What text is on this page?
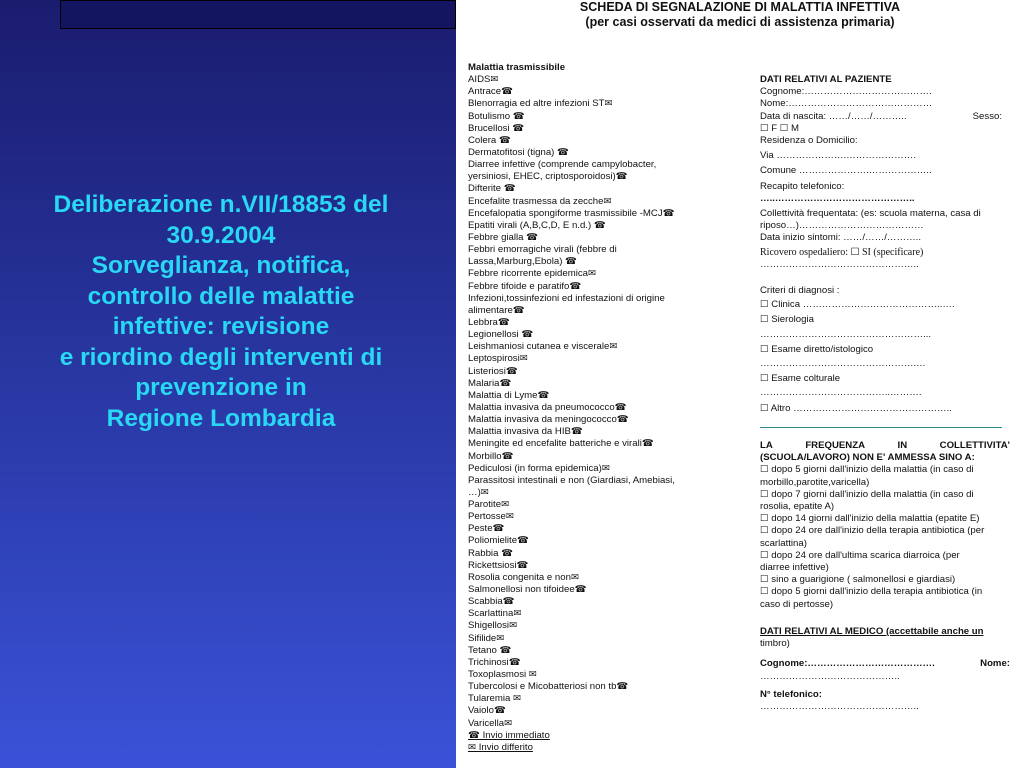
Deliberazione n.VII/18853 del
30.9.2004
Sorveglianza, notifica,
controllo delle malattie
infettive: revisione
e riordino degli interventi di
prevenzione in
Regione Lombardia
SCHEDA DI SEGNALAZIONE DI MALATTIA INFETTIVA
(per casi osservati da medici di assistenza primaria)
Malattia trasmissibile
AIDS✉
Antrace☎
Blenorragia ed altre infezioni ST✉
Botulismo ☎
Brucellosi ☎
Colera ☎
Dermatofitosi (tigna) ☎
Diarree infettive (comprende campylobacter,
yersiniosi, EHEC, criptosporoidosi)☎
Difterite ☎
Encefalite trasmessa da zecche✉
Encefalopatia spongiforme trasmissibile -MCJ☎
Epatiti virali (A,B,C,D, E n.d.) ☎
Febbre gialla ☎
Febbri emorragiche virali (febbre di
Lassa,Marburg,Ebola) ☎
Febbre ricorrente epidemica✉
Febbre tifoide e paratifo☎
Infezioni,tossinfezioni ed infestazioni di origine
alimentare☎
Lebbra☎
Legionellosi ☎
Leishmaniosi cutanea e viscerale✉
Leptospirosi✉
Listeriosi☎
Malaria☎
Malattia di Lyme☎
Malattia invasiva da pneumococco☎
Malattia invasiva da meningococco☎
Malattia invasiva da HIB☎
Meningite ed encefalite batteriche e virali☎
Morbillo☎
Pediculosi (in forma epidemica)✉
Parassitosi intestinali e non (Giardiasi, Amebiasi,
…)✉
Parotite✉
Pertosse✉
Peste☎
Poliomielite☎
Rabbia ☎
Rickettsiosi☎
Rosolia congenita e non✉
Salmonellosi non tifoidee☎
Scabbia☎
Scarlattina✉
Shigellosi✉
Sifilide✉
Tetano ☎
Trichinosi☎
Toxoplasmosi ✉
Tubercolosi e Micobatteriosi non tb☎
Tularemia ✉
Vaiolo☎
Varicella✉
☎ Invio immediato
✉ Invio differito
DATI RELATIVI AL PAZIENTE
Cognome:………………………………….
Nome:………………………………………
Data di nascita: ……/……/………..	Sesso:
☐ F ☐ M
Residenza o Domicilio:
Via ………………….………………….
Comune ………………….………………..
Recapito telefonico:
…..……………………………………..
Collettività frequentata: (es: scuola materna, casa di
riposo…)…………………………………
Data inizio sintomi: ……/……/………..
Ricovero ospedaliero: ☐ SI (specificare)
…………………………………………..
Criteri di diagnosi :
☐ Clinica ……………………………………..….
☐ Sierologia
……………………………………………...
☐ Esame diretto/istologico
………………………………………….…
☐ Esame colturale
…………………………………..……….
☐ Altro …………………………………………..
LA	FREQUENZA	IN	COLLETTIVITA'
(SCUOLA/LAVORO) NON E' AMMESSA SINO A:
☐ dopo 5 giorni dall'inizio della malattia (in caso di
morbillo,parotite,varicella)
☐ dopo 7 giorni dall'inizio della malattia (in caso di
rosolia, epatite A)
☐ dopo 14 giorni dall'inizio della malattia (epatite E)
☐ dopo 24 ore dall'inizio della terapia antibiotica (per
scarlattina)
☐ dopo 24 ore dall'ultima scarica diarroica (per
diarree infettive)
☐ sino a guarigione ( salmonellosi e giardiasi)
☐ dopo 5 giorni dall'inizio della terapia antibiotica (in
caso di pertosse)
DATI RELATIVI AL MEDICO (accettabile anche un
timbro)
Cognome:………………………………….	Nome:
……………………………………..
N° telefonico:
…………………………………………..
